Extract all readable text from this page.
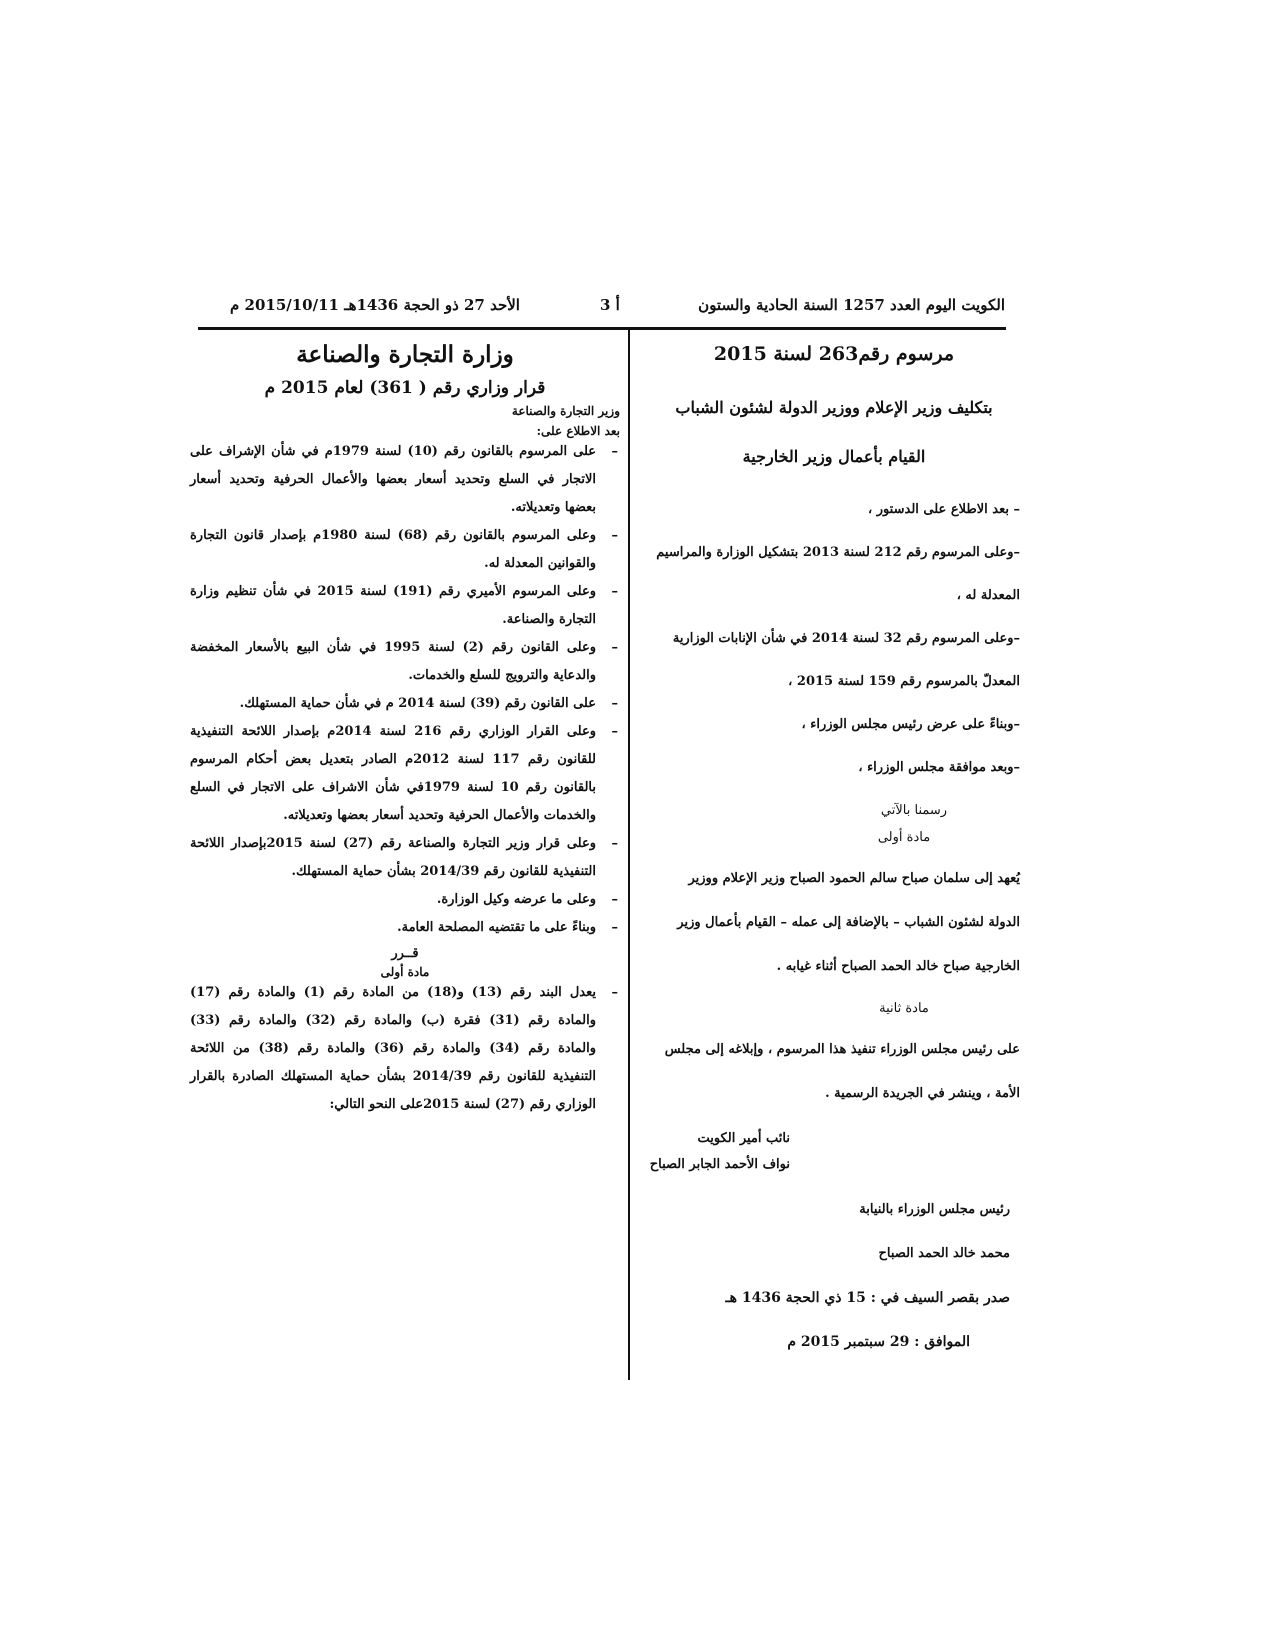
الكويت اليوم العدد 1257 السنة الحادية والستون
أ 3
الأحد 27 ذو الحجة 1436هـ 2015/10/11 م
مرسوم رقم263 لسنة 2015
بتكليف وزير الإعلام ووزير الدولة لشئون الشباب
القيام بأعمال وزير الخارجية
– بعد الاطلاع على الدستور ،
–وعلى المرسوم رقم 212 لسنة 2013 بتشكيل الوزارة والمراسيم
المعدلة له ،
–وعلى المرسوم رقم 32 لسنة 2014 في شأن الإنابات الوزارية
المعدلّ بالمرسوم رقم 159 لسنة 2015 ،
–وبناءً على عرض رئيس مجلس الوزراء ،
–وبعد موافقة مجلس الوزراء ،
رسمنا بالآتي
مادة أولى
يُعهد إلى سلمان صباح سالم الحمود الصباح وزير الإعلام ووزير
الدولة لشئون الشباب – بالإضافة إلى عمله – القيام بأعمال وزير
الخارجية صباح خالد الحمد الصباح أثناء غيابه .
مادة ثانية
على رئيس مجلس الوزراء تنفيذ هذا المرسوم ، وإبلاغه إلى مجلس
الأمة ، وينشر في الجريدة الرسمية .
نائب أمير الكويت
نواف الأحمد الجابر الصباح
رئيس مجلس الوزراء بالنيابة
محمد خالد الحمد الصباح
صدر بقصر السيف في : 15 ذي الحجة 1436 هـ
الموافق : 29 سبتمبر 2015 م
وزارة التجارة والصناعة
قرار وزاري رقم ( 361) لعام 2015 م
وزير التجارة والصناعة
بعد الاطلاع على:
– على المرسوم بالقانون رقم (10) لسنة 1979م في شأن الإشراف على الاتجار في السلع وتحديد أسعار بعضها والأعمال الحرفية وتحديد أسعار بعضها وتعديلاته.
– وعلى المرسوم بالقانون رقم (68) لسنة 1980م بإصدار قانون التجارة والقوانين المعدلة له.
– وعلى المرسوم الأميري رقم (191) لسنة 2015 في شأن تنظيم وزارة التجارة والصناعة.
– وعلى القانون رقم (2) لسنة 1995 في شأن البيع بالأسعار المخفضة والدعاية والترويج للسلع والخدمات.
– على القانون رقم (39) لسنة 2014 م في شأن حماية المستهلك.
– وعلى القرار الوزاري رقم 216 لسنة 2014م بإصدار اللائحة التنفيذية للقانون رقم 117 لسنة 2012م الصادر بتعديل بعض أحكام المرسوم بالقانون رقم 10 لسنة 1979في شأن الاشراف على الاتجار في السلع والخدمات والأعمال الحرفية وتحديد أسعار بعضها وتعديلاته.
– وعلى قرار وزير التجارة والصناعة رقم (27) لسنة 2015بإصدار اللائحة التنفيذية للقانون رقم 2014/39 بشأن حماية المستهلك.
– وعلى ما عرضه وكيل الوزارة.
– وبناءً على ما تقتضيه المصلحة العامة.
قــرر
مادة أولى
– يعدل البند رقم (13) و(18) من المادة رقم (1) والمادة رقم (17) والمادة رقم (31) فقرة (ب) والمادة رقم (32) والمادة رقم (33) والمادة رقم (34) والمادة رقم (36) والمادة رقم (38) من اللائحة التنفيذية للقانون رقم 2014/39 بشأن حماية المستهلك الصادرة بالقرار الوزاري رقم (27) لسنة 2015على النحو التالي:
